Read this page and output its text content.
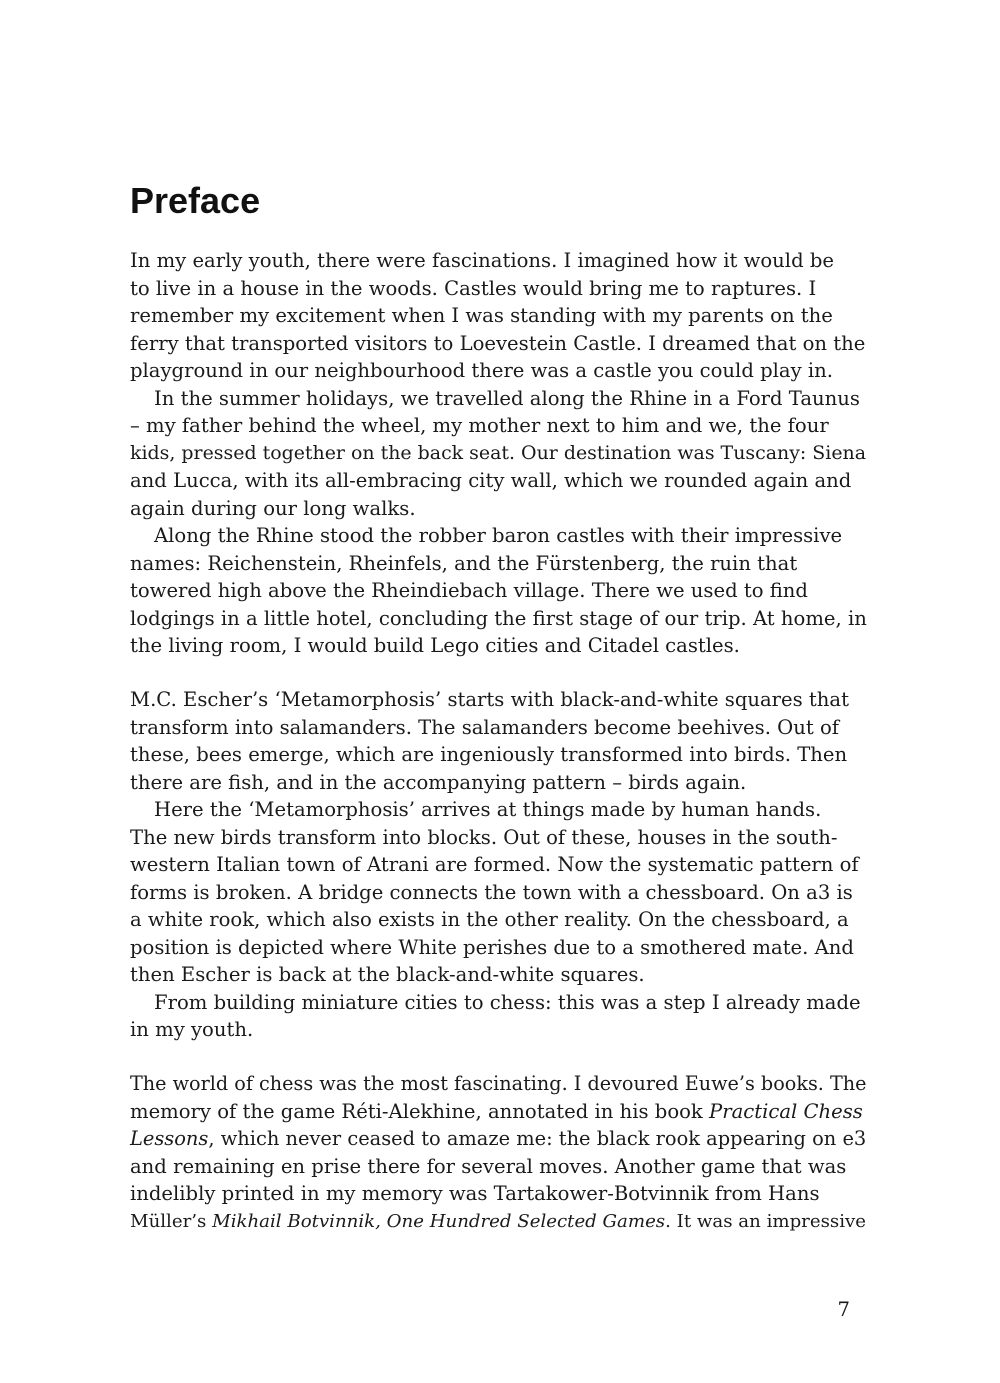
Preface
In my early youth, there were fascinations. I imagined how it would be
to live in a house in the woods. Castles would bring me to raptures. I
remember my excitement when I was standing with my parents on the
ferry that transported visitors to Loevestein Castle. I dreamed that on the
playground in our neighbourhood there was a castle you could play in.
In the summer holidays, we travelled along the Rhine in a Ford Taunus
– my father behind the wheel, my mother next to him and we, the four
kids, pressed together on the back seat. Our destination was Tuscany: Siena
and Lucca, with its all-embracing city wall, which we rounded again and
again during our long walks.
Along the Rhine stood the robber baron castles with their impressive
names: Reichenstein, Rheinfels, and the Fürstenberg, the ruin that
towered high above the Rheindiebach village. There we used to find
lodgings in a little hotel, concluding the first stage of our trip. At home, in
the living room, I would build Lego cities and Citadel castles.
M.C. Escher’s ‘Metamorphosis’ starts with black-and-white squares that
transform into salamanders. The salamanders become beehives. Out of
these, bees emerge, which are ingeniously transformed into birds. Then
there are fish, and in the accompanying pattern – birds again.
Here the ‘Metamorphosis’ arrives at things made by human hands.
The new birds transform into blocks. Out of these, houses in the south-
western Italian town of Atrani are formed. Now the systematic pattern of
forms is broken. A bridge connects the town with a chessboard. On a3 is
a white rook, which also exists in the other reality. On the chessboard, a
position is depicted where White perishes due to a smothered mate. And
then Escher is back at the black-and-white squares.
From building miniature cities to chess: this was a step I already made
in my youth.
The world of chess was the most fascinating. I devoured Euwe’s books. The
memory of the game Réti-Alekhine, annotated in his book Practical Chess
Lessons, which never ceased to amaze me: the black rook appearing on e3
and remaining en prise there for several moves. Another game that was
indelibly printed in my memory was Tartakower-Botvinnik from Hans
Müller’s Mikhail Botvinnik, One Hundred Selected Games. It was an impressive
7
